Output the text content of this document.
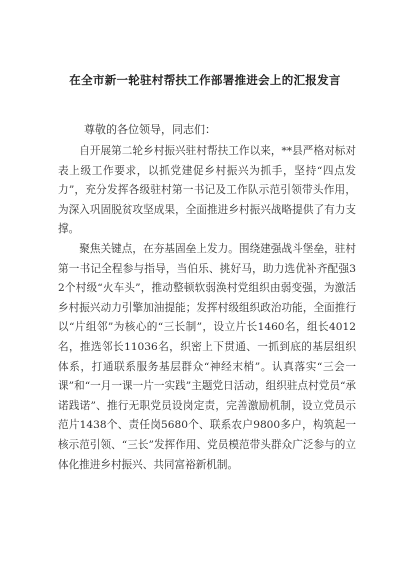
在全市新一轮驻村帮扶工作部署推进会上的汇报发言
尊敬的各位领导，同志们：

自开展第二轮乡村振兴驻村帮扶工作以来，**县严格对标对表上级工作要求，以抓党建促乡村振兴为抓手，坚持“四点发力”，充分发挥各级驻村第一书记及工作队示范引领带头作用，为深入巩固脱贫攻坚成果，全面推进乡村振兴战略提供了有力支撑。

聚焦关键点，在夯基固垒上发力。围绕建强战斗堡垒，驻村第一书记全程参与指导，当伯乐、挑好马，助力选优补齐配强32个村级“火车头”，推动整顿软弱涣村党组织由弱变强，为激活乡村振兴动力引擎加油提能；发挥村级组织政治功能，全面推行以“片组邻”为核心的“三长制”，设立片长1460名，组长4012名，推选邻长11036名，织密上下贯通、一抓到底的基层组织体系，打通联系服务基层群众“神经末梢”。认真落实“三会一课”和“一月一课一片一实践”主题党日活动，组织驻点村党员“承诺践诺”、推行无职党员设岗定责，完善激励机制，设立党员示范片1438个、责任岗5680个、联系农户9800多户，构筑起一核示范引领、“三长”发挥作用、党员模范带头群众广泛参与的立体化推进乡村振兴、共同富裕新机制。
